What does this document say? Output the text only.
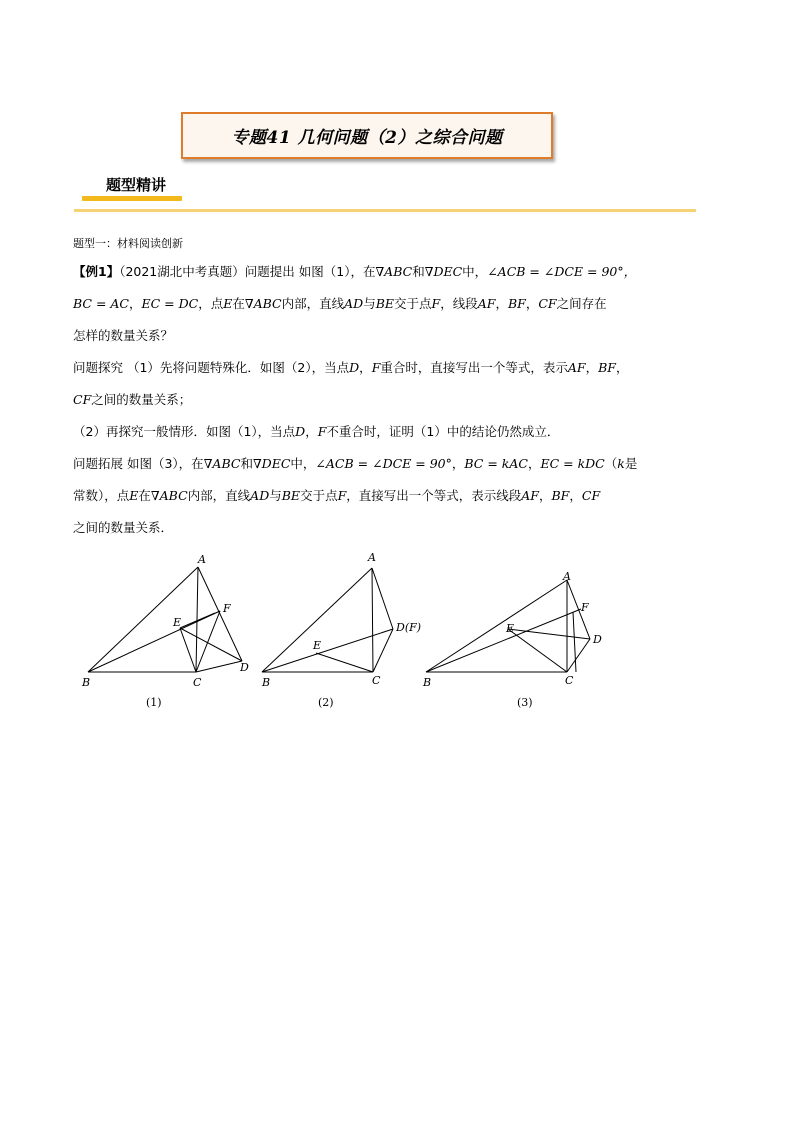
专题41 几何问题（2）之综合问题
题型精讲

题型一：材料阅读创新

【例1】（2021湖北中考真题）问题提出 如图（1），在∇ABC和∇DEC中，∠ACB = ∠DCE = 90°，

BC = AC，EC = DC，点E在∇ABC内部，直线AD与BE交于点F，线段AF，BF，CF之间存在

怎样的数量关系？

问题探究 （1）先将问题特殊化．如图（2），当点D，F重合时，直接写出一个等式，表示AF，BF，

CF之间的数量关系；

（2）再探究一般情形．如图（1），当点D，F不重合时，证明（1）中的结论仍然成立．

问题拓展 如图（3），在∇ABC和∇DEC中，∠ACB = ∠DCE = 90°，BC = kAC，EC = kDC（k是

常数），点E在∇ABC内部，直线AD与BE交于点F，直接写出一个等式，表示线段AF，BF，CF

之间的数量关系．

A
B	C
D
E
F
(1)
A
B	C
D(F)
E
(2)
A
B	C
D
E
F
(3)
